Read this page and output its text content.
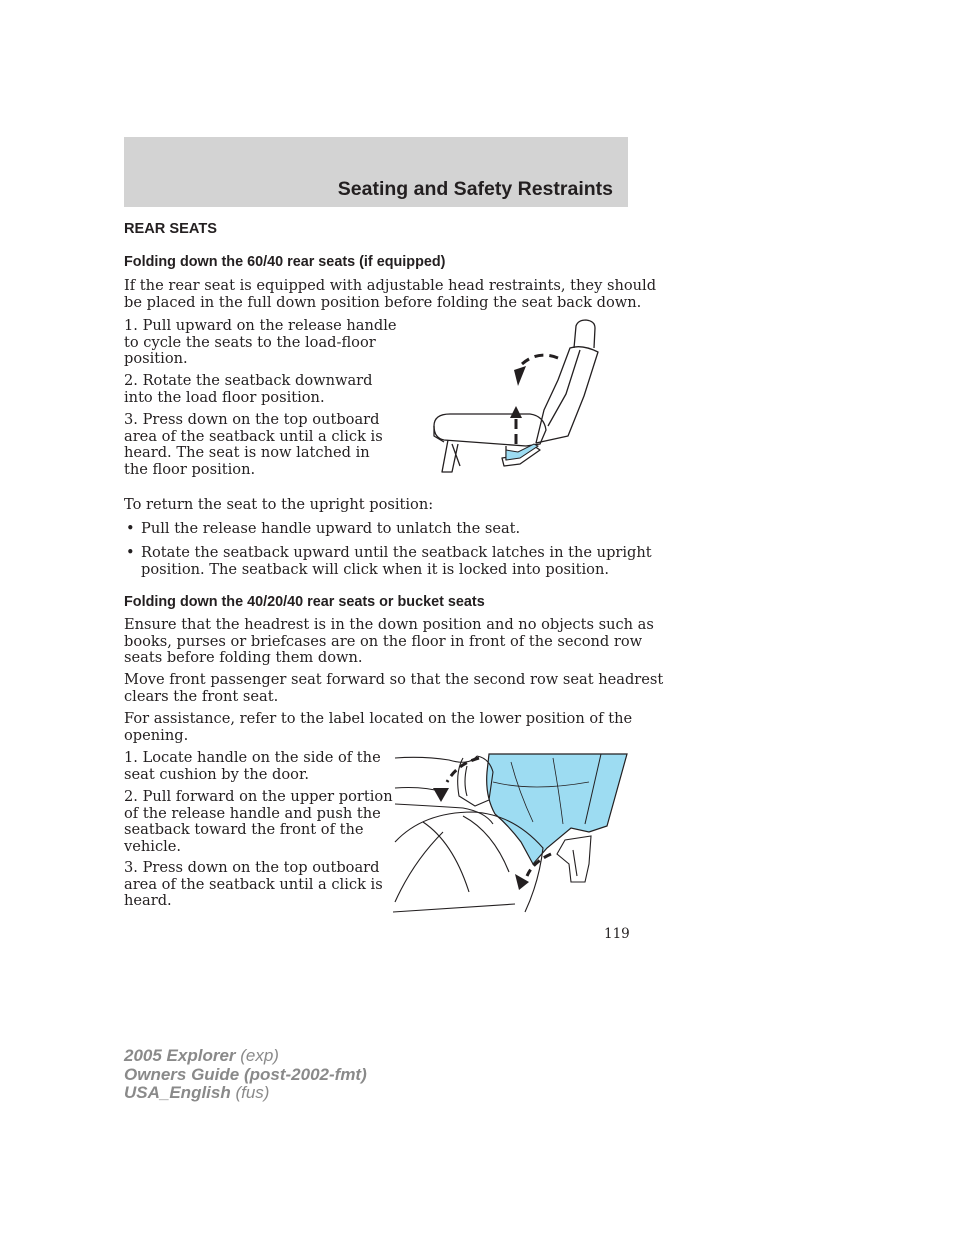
Seating and Safety Restraints
REAR SEATS
Folding down the 60/40 rear seats (if equipped)
If the rear seat is equipped with adjustable head restraints, they should
be placed in the full down position before folding the seat back down.
1. Pull upward on the release handle
to cycle the seats to the load-floor
position.
2. Rotate the seatback downward
into the load floor position.
3. Press down on the top outboard
area of the seatback until a click is
heard. The seat is now latched in
the floor position.
To return the seat to the upright position:
• Pull the release handle upward to unlatch the seat.
• Rotate the seatback upward until the seatback latches in the upright
position. The seatback will click when it is locked into position.
Folding down the 40/20/40 rear seats or bucket seats
Ensure that the headrest is in the down position and no objects such as
books, purses or briefcases are on the floor in front of the second row
seats before folding them down.
Move front passenger seat forward so that the second row seat headrest
clears the front seat.
For assistance, refer to the label located on the lower position of the
opening.
1. Locate handle on the side of the
seat cushion by the door.
2. Pull forward on the upper portion
of the release handle and push the
seatback toward the front of the
vehicle.
3. Press down on the top outboard
area of the seatback until a click is
heard.
119
2005 Explorer (exp)
Owners Guide (post-2002-fmt)
USA_English (fus)
